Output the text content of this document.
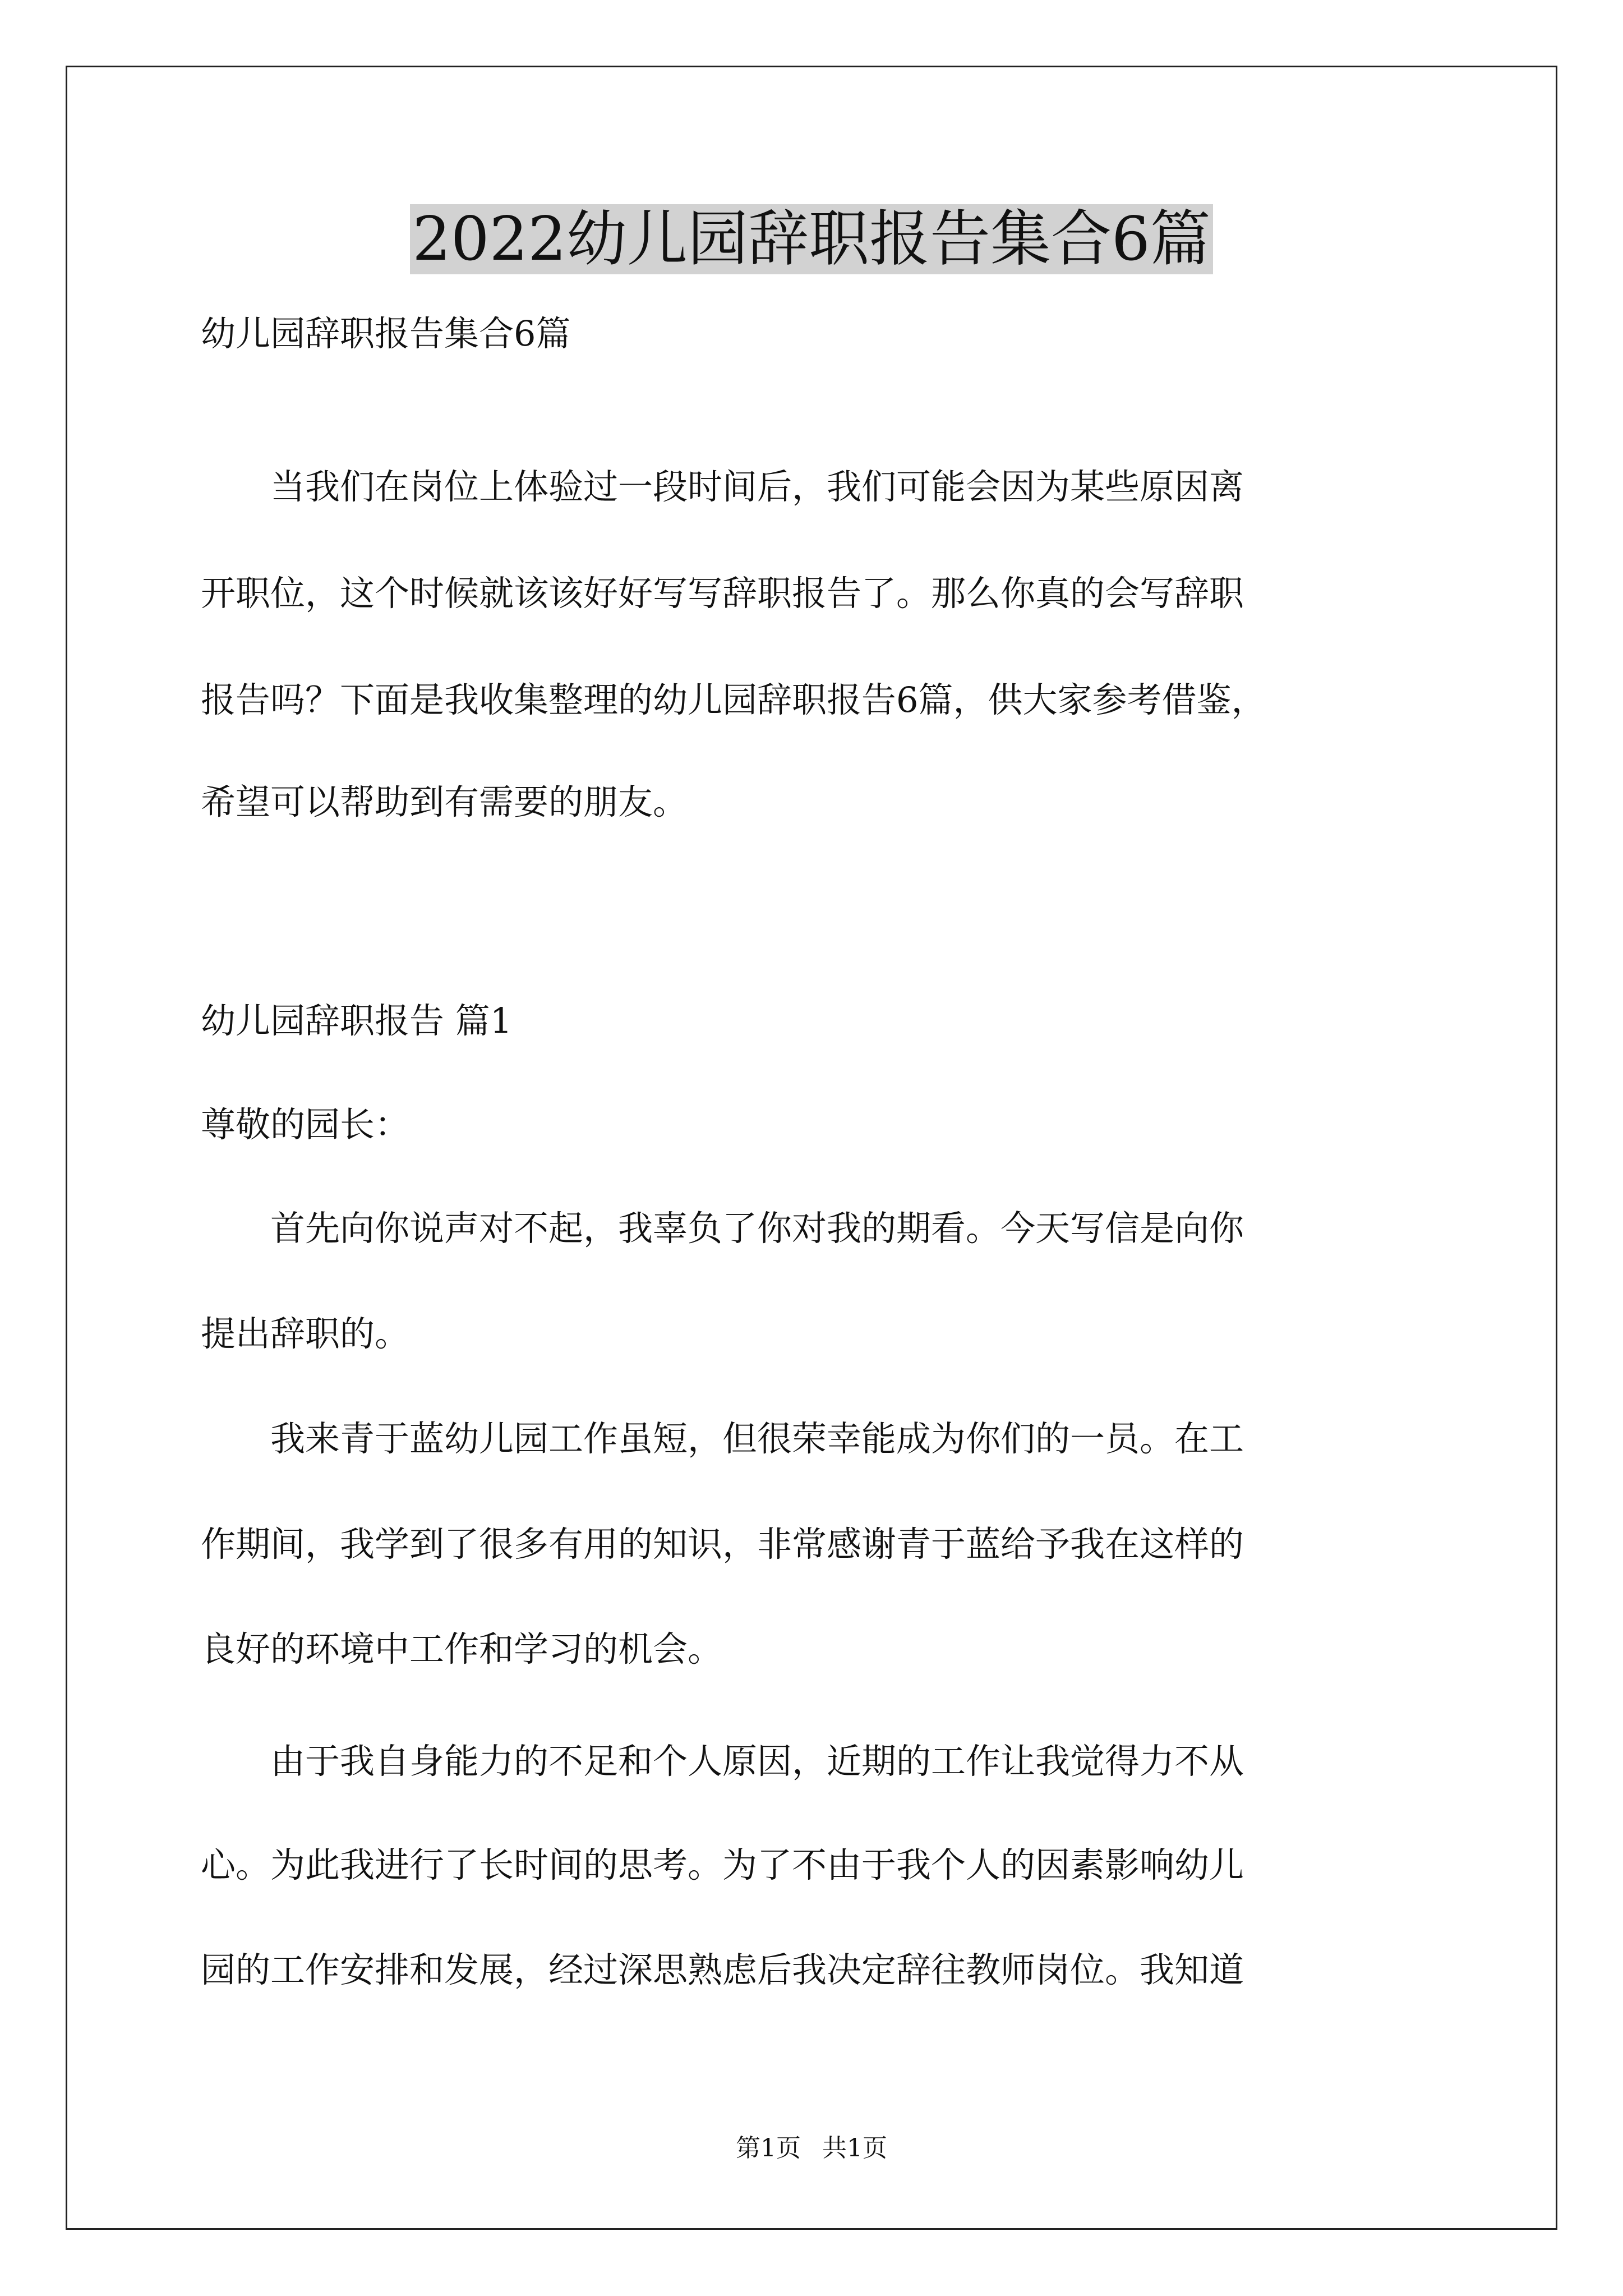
2022幼儿园辞职报告集合6篇

幼儿园辞职报告集合6篇

　　当我们在岗位上体验过一段时间后，我们可能会因为某些原因离

开职位，这个时候就该该好好写写辞职报告了。那么你真的会写辞职

报告吗？下面是我收集整理的幼儿园辞职报告6篇，供大家参考借鉴，

希望可以帮助到有需要的朋友。

幼儿园辞职报告 篇1

尊敬的园长：

　　首先向你说声对不起，我辜负了你对我的期看。今天写信是向你

提出辞职的。

　　我来青于蓝幼儿园工作虽短，但很荣幸能成为你们的一员。在工

作期间，我学到了很多有用的知识，非常感谢青于蓝给予我在这样的

良好的环境中工作和学习的机会。

　　由于我自身能力的不足和个人原因，近期的工作让我觉得力不从

心。为此我进行了长时间的思考。为了不由于我个人的因素影响幼儿

园的工作安排和发展，经过深思熟虑后我决定辞往教师岗位。我知道

第1页 共1页
